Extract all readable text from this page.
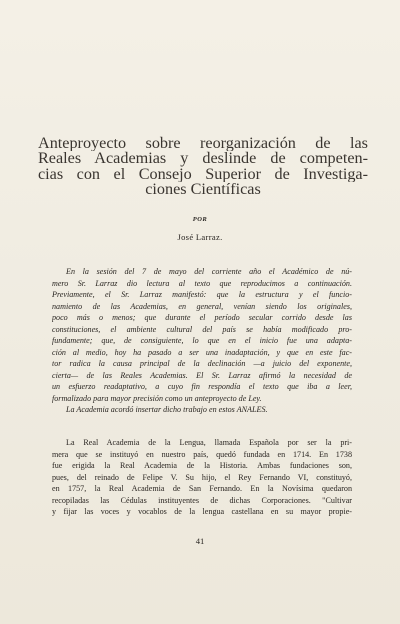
Anteproyecto sobre reorganización de las
Reales Academias y deslinde de competen-
cias con el Consejo Superior de Investiga-
ciones Científicas
POR
José Larraz.
En la sesión del 7 de mayo del corriente año el Académico de nú-
mero Sr. Larraz dio lectura al texto que reproducimos a continuación.
Previamente, el Sr. Larraz manifestó: que la estructura y el funcio-
namiento de las Academias, en general, venían siendo los originales,
poco más o menos; que durante el período secular corrido desde las
constituciones, el ambiente cultural del país se había modificado pro-
fundamente; que, de consiguiente, lo que en el inicio fue una adapta-
ción al medio, hoy ha pasado a ser una inadaptación, y que en este fac-
tor radica la causa principal de la declinación —a juicio del exponente,
cierta— de las Reales Academias. El Sr. Larraz afirmó la necesidad de
un esfuerzo readaptativo, a cuyo fin respondía el texto que iba a leer,
formalizado para mayor precisión como un anteproyecto de Ley.
La Academia acordó insertar dicho trabajo en estos ANALES.
La Real Academia de la Lengua, llamada Española por ser la pri-
mera que se instituyó en nuestro país, quedó fundada en 1714. En 1738
fue erigida la Real Academia de la Historia. Ambas fundaciones son,
pues, del reinado de Felipe V. Su hijo, el Rey Fernando VI, constituyó,
en 1757, la Real Academia de San Fernando. En la Novísima quedaron
recopiladas las Cédulas instituyentes de dichas Corporaciones. "Cultivar
y fijar las voces y vocablos de la lengua castellana en su mayor propie-
41
